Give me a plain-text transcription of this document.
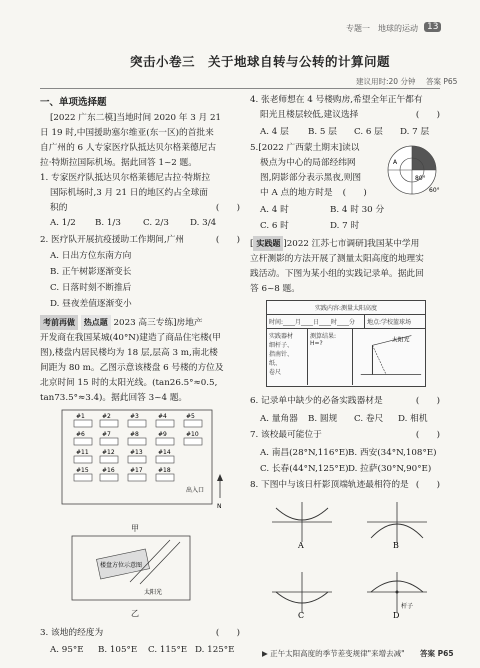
专题一 地球的运动	13
突击小卷三　关于地球自转与公转的计算问题
建议用时:20 分钟 答案 P65
一、单项选择题
[2022 广东二模]当地时间 2020 年 3 月 21
日 19 时,中国援助塞尔维亚(东一区)的首批来
自广州的 6 人专家医疗队抵达贝尔格莱德尼古
拉·特斯拉国际机场。据此回答 1~2 题。
1. 专家医疗队抵达贝尔格莱德尼古拉·特斯拉
国际机场时,3 月 21 日的地区约占全球面
积的	(　　)
A. 1/2 B. 1/3	C. 2/3 D. 3/4
2. 医疗队开展抗疫援助工作期间,广州	(　　)
A. 日出方位东南方向
B. 正午树影逐渐变长
C. 日落时刻不断推后
D. 昼夜差值逐渐变小
考前再做 热点题 2023 高三专练]房地产
开发商在我国某城(40°N)建造了商品住宅楼(甲
图),楼盘内居民楼均为 18 层,层高 3 m,南北楼
间距为 80 m。乙图示意该楼盘 6 号楼的方位及
北京时间 15 时的太阳光线。(tan26.5°≈0.5,
tan73.5°≈3.4)。据此回答 3~4 题。
#1	#2	#3	#4	#5
#6	#7	#8	#9	#10
#11 #12	#13	#14
#15 #16	#17	#18
出入口
N
甲
楼盘方位示意图
太阳光
乙
3. 该地的经度为	(　　)
A. 95°E B. 105°E C. 115°E D. 125°E
4. 张老师想在 4 号楼购房,希望全年正午都有
阳光且楼层较低,建议选择	(　　)
A. 4 层 B. 5 层 C. 6 层 D. 7 层
5.[2022 广西蒙土期末]读以
极点为中心的局部经纬网
图,阴影部分表示黑夜,则图
中 A 点的地方时是 (　　)	60°
80°
A
A. 4 时	B. 4 时 30 分
C. 6 时	D. 7 时
[ 实践题 ]2022 江苏七市调研]我国某中学用
立杆测影的方法开展了测量太阳高度的地理实
践活动。下图为某小组的实践记录单。据此回
答 6~8 题。
实践内容:测量太阳高度
时间:____月____日____时____分	地点:学校篮球场
实践器材
细杆子、
指南针、
纸、
卷尺
测算结果:
H=?	太阳光
6. 记录单中缺少的必备实践器材是	(　　)
A. 量角器 B. 圆规 C. 卷尺 D. 相机
7. 该校最可能位于	(　　)
A. 南昌(28°N,116°E) B. 西安(34°N,108°E)
C. 长春(44°N,125°E) D. 拉萨(30°N,90°E)
8. 下图中与该日杆影顶端轨迹最相符的是 (　　)
A	B
C	D
杆子
▶ 正午太阳高度的季节差变规律"来增去减" 答案 P65
